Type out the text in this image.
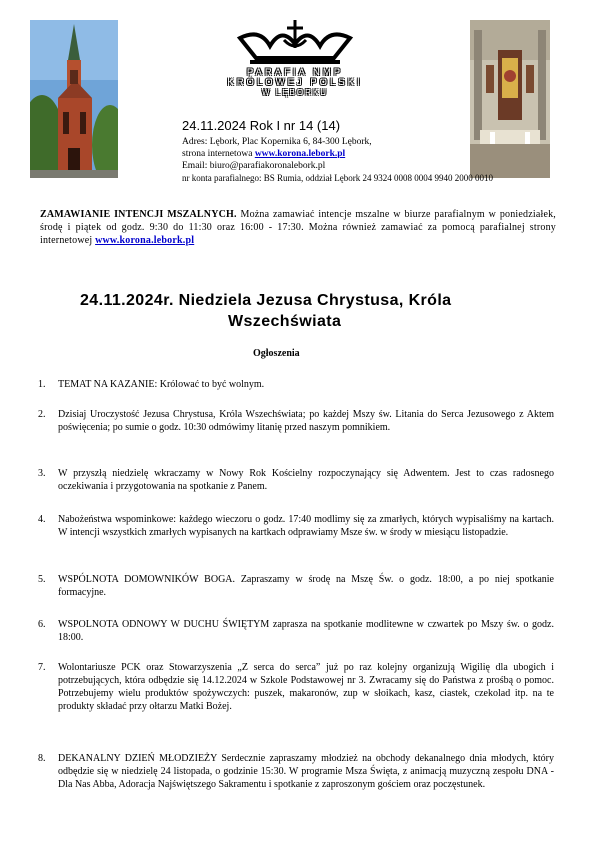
PARAFIA NMP
KRÓLOWEJ POLSKI
W LĘBORKU
24.11.2024 Rok I nr 14 (14)
Adres: Lębork, Plac Kopernika 6, 84-300 Lębork,
strona internetowa www.korona.lebork.pl
Email: biuro@parafiakoronalebork.pl
nr konta parafialnego: BS Rumia, oddział Lębork 24 9324 0008 0004 9940 2000 0010
ZAMAWIANIE INTENCJI MSZALNYCH. Można zamawiać intencje mszalne w biurze parafialnym w poniedziałek, środę i piątek od godz. 9:30 do 11:30 oraz 16:00 - 17:30. Można również zamawiać za pomocą parafialnej strony internetowej www.korona.lebork.pl
24.11.2024r. Niedziela Jezusa Chrystusa, Króla
Wszechświata
Ogłoszenia
1.	TEMAT NA KAZANIE: Królować to być wolnym.
2.	Dzisiaj Uroczystość Jezusa Chrystusa, Króla Wszechświata; po każdej Mszy św. Litania do Serca Jezusowego z Aktem poświęcenia; po sumie o godz. 10:30 odmówimy litanię przed naszym pomnikiem.
3.	W przyszłą niedzielę wkraczamy w Nowy Rok Kościelny rozpoczynający się Adwentem. Jest to czas radosnego oczekiwania i przygotowania na spotkanie z Panem.
4.	Nabożeństwa wspominkowe: każdego wieczoru o godz. 17:40 modlimy się za zmarłych, których wypisaliśmy na kartach. W intencji wszystkich zmarłych wypisanych na kartkach odprawiamy Msze św. w środy w miesiącu listopadzie.
5.	WSPÓLNOTA DOMOWNIKÓW BOGA. Zapraszamy w środę na Mszę Św. o godz. 18:00, a po niej spotkanie formacyjne.
6.	WSPOLNOTA ODNOWY W DUCHU ŚWIĘTYM zaprasza na spotkanie modlitewne w czwartek po Mszy św. o godz. 18:00.
7.	Wolontariusze PCK oraz Stowarzyszenia „Z serca do serca” już po raz kolejny organizują Wigilię dla ubogich i potrzebujących, która odbędzie się 14.12.2024 w Szkole Podstawowej nr 3. Zwracamy się do Państwa z prośbą o pomoc. Potrzebujemy wielu produktów spożywczych: puszek, makaronów, zup w słoikach, kasz, ciastek, czekolad itp. na te produkty składać przy ołtarzu Matki Bożej.
8.	DEKANALNY DZIEŃ MŁODZIEŻY Serdecznie zapraszamy młodzież na obchody dekanalnego dnia młodych, który odbędzie się w niedzielę 24 listopada, o godzinie 15:30. W programie Msza Święta, z animacją muzyczną zespołu DNA - Dla Nas Abba, Adoracja Najświętszego Sakramentu i spotkanie z zaproszonym gościem oraz poczęstunek.
